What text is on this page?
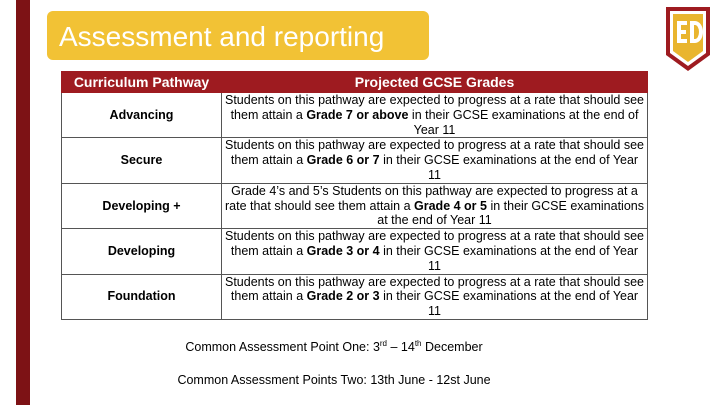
Assessment and reporting
Curriculum Pathway	Projected GCSE Grades
Advancing	Students on this pathway are expected to progress at a rate that should see them attain a Grade 7 or above in their GCSE examinations at the end of Year 11
Secure	Students on this pathway are expected to progress at a rate that should see them attain a Grade 6 or 7 in their GCSE examinations at the end of Year 11
Developing +	Grade 4’s and 5’s Students on this pathway are expected to progress at a rate that should see them attain a Grade 4 or 5 in their GCSE examinations at the end of Year 11
Developing	Students on this pathway are expected to progress at a rate that should see them attain a Grade 3 or 4 in their GCSE examinations at the end of Year 11
Foundation	Students on this pathway are expected to progress at a rate that should see them attain a Grade 2 or 3 in their GCSE examinations at the end of Year 11
Common Assessment Point One: 3rd – 14th December
Common Assessment Points Two: 13th June - 12st June
